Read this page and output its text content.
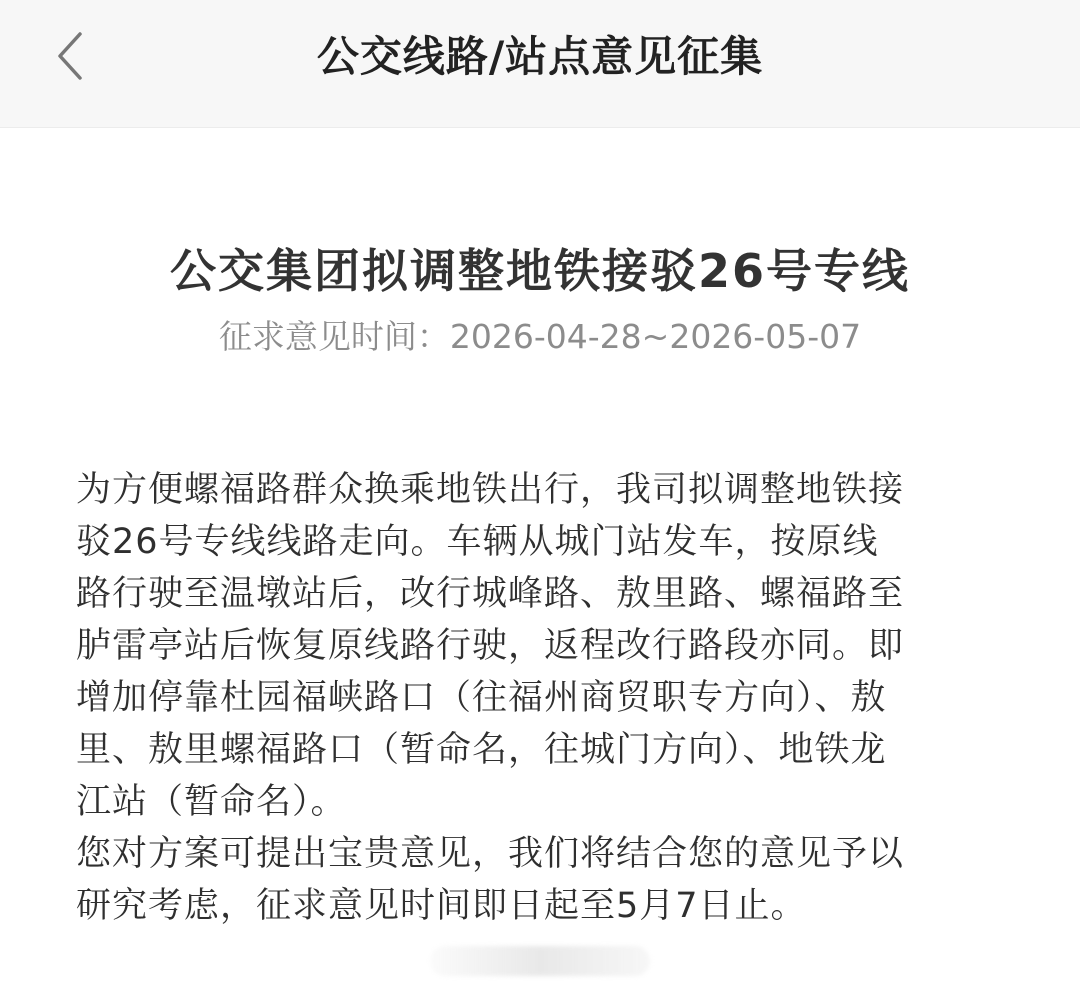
公交线路/站点意见征集
公交集团拟调整地铁接驳26号专线
征求意见时间：2026-04-28~2026-05-07
为方便螺福路群众换乘地铁出行，我司拟调整地铁接
驳26号专线线路走向。车辆从城门站发车，按原线
路行驶至温墩站后，改行城峰路、敖里路、螺福路至
胪雷亭站后恢复原线路行驶，返程改行路段亦同。即
增加停靠杜园福峡路口（往福州商贸职专方向）、敖
里、敖里螺福路口（暂命名，往城门方向）、地铁龙
江站（暂命名）。
您对方案可提出宝贵意见，我们将结合您的意见予以
研究考虑，征求意见时间即日起至5月7日止。
